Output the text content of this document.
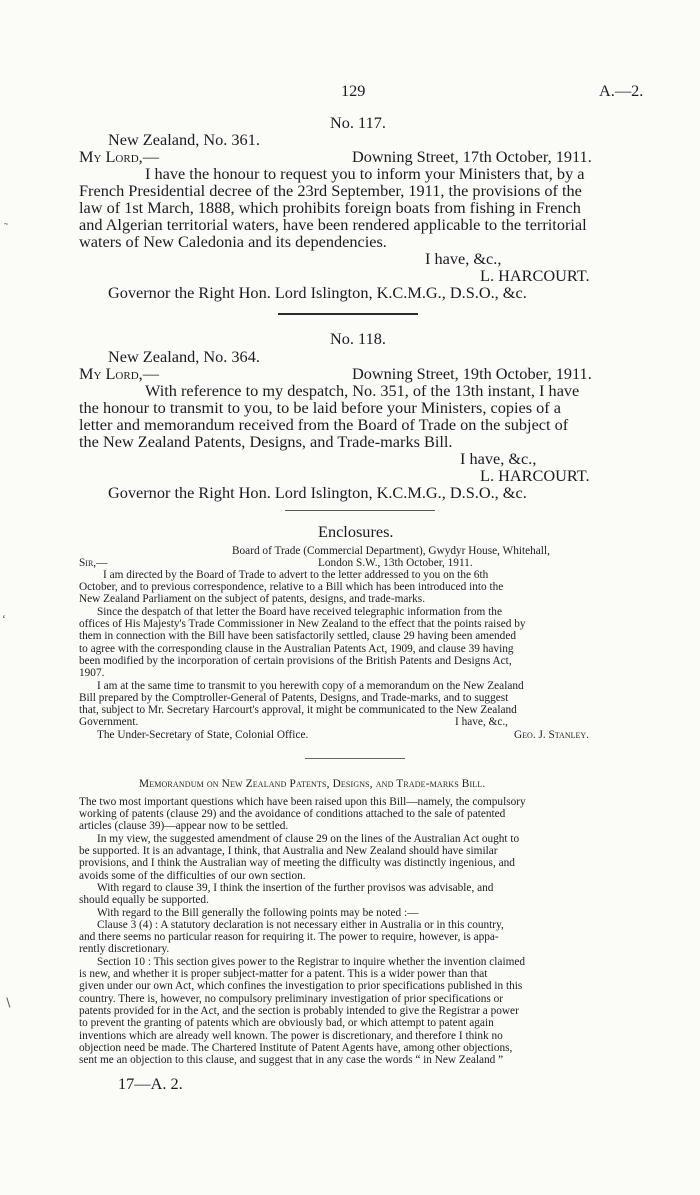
129	A.—2.
No. 117.
New Zealand, No. 361.
My Lord,—	Downing Street, 17th October, 1911.
I have the honour to request you to inform your Ministers that, by a
French Presidential decree of the 23rd September, 1911, the provisions of the
law of 1st March, 1888, which prohibits foreign boats from fishing in French
and Algerian territorial waters, have been rendered applicable to the territorial
waters of New Caledonia and its dependencies.
I have, &c.,
L. HARCOURT.
Governor the Right Hon. Lord Islington, K.C.M.G., D.S.O., &c.
No. 118.
New Zealand, No. 364.
My Lord,—	Downing Street, 19th October, 1911.
With reference to my despatch, No. 351, of the 13th instant, I have
the honour to transmit to you, to be laid before your Ministers, copies of a
letter and memorandum received from the Board of Trade on the subject of
the New Zealand Patents, Designs, and Trade-marks Bill.
I have, &c.,
L. HARCOURT.
Governor the Right Hon. Lord Islington, K.C.M.G., D.S.O., &c.
Enclosures.
Board of Trade (Commercial Department), Gwydyr House, Whitehall,
Sir,—	London S.W., 13th October, 1911.
I am directed by the Board of Trade to advert to the letter addressed to you on the 6th
October, and to previous correspondence, relative to a Bill which has been introduced into the
New Zealand Parliament on the subject of patents, designs, and trade-marks.
Since the despatch of that letter the Board have received telegraphic information from the
offices of His Majesty's Trade Commissioner in New Zealand to the effect that the points raised by
them in connection with the Bill have been satisfactorily settled, clause 29 having been amended
to agree with the corresponding clause in the Australian Patents Act, 1909, and clause 39 having
been modified by the incorporation of certain provisions of the British Patents and Designs Act,
1907.
I am at the same time to transmit to you herewith copy of a memorandum on the New Zealand
Bill prepared by the Comptroller-General of Patents, Designs, and Trade-marks, and to suggest
that, subject to Mr. Secretary Harcourt's approval, it might be communicated to the New Zealand
Government.	I have, &c.,
The Under-Secretary of State, Colonial Office.	Geo. J. Stanley.
Memorandum on New Zealand Patents, Designs, and Trade-marks Bill.
The two most important questions which have been raised upon this Bill—namely, the compulsory
working of patents (clause 29) and the avoidance of conditions attached to the sale of patented
articles (clause 39)—appear now to be settled.
In my view, the suggested amendment of clause 29 on the lines of the Australian Act ought to
be supported. It is an advantage, I think, that Australia and New Zealand should have similar
provisions, and I think the Australian way of meeting the difficulty was distinctly ingenious, and
avoids some of the difficulties of our own section.
With regard to clause 39, I think the insertion of the further provisos was advisable, and
should equally be supported.
With regard to the Bill generally the following points may be noted :—
Clause 3 (4) : A statutory declaration is not necessary either in Australia or in this country,
and there seems no particular reason for requiring it. The power to require, however, is appa-
rently discretionary.
Section 10 : This section gives power to the Registrar to inquire whether the invention claimed
is new, and whether it is proper subject-matter for a patent. This is a wider power than that
given under our own Act, which confines the investigation to prior specifications published in this
country. There is, however, no compulsory preliminary investigation of prior specifications or
patents provided for in the Act, and the section is probably intended to give the Registrar a power
to prevent the granting of patents which are obviously bad, or which attempt to patent again
inventions which are already well known. The power is discretionary, and therefore I think no
objection need be made. The Chartered Institute of Patent Agents have, among other objections,
sent me an objection to this clause, and suggest that in any case the words “ in New Zealand ”
17—A. 2.
˜
‘
∖
